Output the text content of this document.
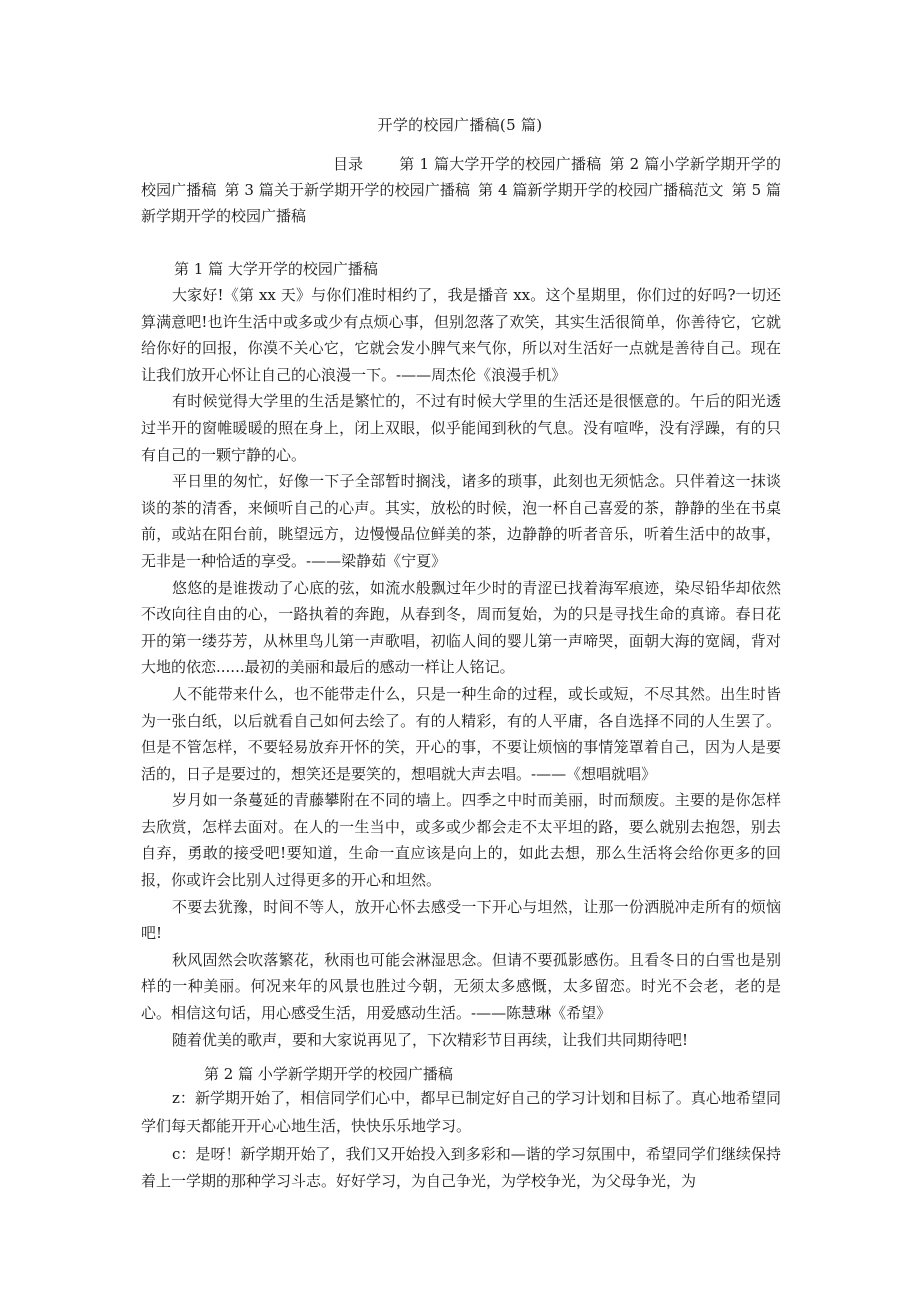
开学的校园广播稿(5 篇)
目录 第 1 篇大学开学的校园广播稿 第 2 篇小学新学期开学的校园广播稿 第 3 篇关于新学期开学的校园广播稿 第 4 篇新学期开学的校园广播稿范文 第 5 篇新学期开学的校园广播稿
第 1 篇 大学开学的校园广播稿

大家好!《第 xx 天》与你们准时相约了，我是播音 xx。这个星期里，你们过的好吗?一切还算满意吧!也许生活中或多或少有点烦心事，但别忽落了欢笑，其实生活很简单，你善待它，它就给你好的回报，你漠不关心它，它就会发小脾气来气你，所以对生活好一点就是善待自己。现在让我们放开心怀让自己的心浪漫一下。-——周杰伦《浪漫手机》

有时候觉得大学里的生活是繁忙的，不过有时候大学里的生活还是很惬意的。午后的阳光透过半开的窗帷暖暖的照在身上，闭上双眼，似乎能闻到秋的气息。没有喧哗，没有浮躁，有的只有自己的一颗宁静的心。

平日里的匆忙，好像一下子全部暂时搁浅，诸多的琐事，此刻也无须惦念。只伴着这一抹谈谈的茶的清香，来倾听自己的心声。其实，放松的时候，泡一杯自己喜爱的茶，静静的坐在书桌前，或站在阳台前，眺望远方，边慢慢品位鲜美的茶，边静静的听者音乐，听着生活中的故事，无非是一种恰适的享受。-——梁静茹《宁夏》

悠悠的是谁拨动了心底的弦，如流水般飘过年少时的青涩已找着海军痕迹，染尽铅华却依然不改向往自由的心，一路执着的奔跑，从春到冬，周而复始，为的只是寻找生命的真谛。春日花开的第一缕芬芳，从林里鸟儿第一声歌唱，初临人间的婴儿第一声啼哭，面朝大海的宽阔，背对大地的依恋......最初的美丽和最后的感动一样让人铭记。

人不能带来什么，也不能带走什么，只是一种生命的过程，或长或短，不尽其然。出生时皆为一张白纸，以后就看自己如何去绘了。有的人精彩，有的人平庸，各自选择不同的人生罢了。但是不管怎样，不要轻易放弃开怀的笑，开心的事，不要让烦恼的事情笼罩着自己，因为人是要活的，日子是要过的，想笑还是要笑的，想唱就大声去唱。-——《想唱就唱》

岁月如一条蔓延的青藤攀附在不同的墙上。四季之中时而美丽，时而颓废。主要的是你怎样去欣赏，怎样去面对。在人的一生当中，或多或少都会走不太平坦的路，要么就别去抱怨，别去自弃，勇敢的接受吧!要知道，生命一直应该是向上的，如此去想，那么生活将会给你更多的回报，你或许会比别人过得更多的开心和坦然。

不要去犹豫，时间不等人，放开心怀去感受一下开心与坦然，让那一份洒脱冲走所有的烦恼吧!

秋风固然会吹落繁花，秋雨也可能会淋湿思念。但请不要孤影感伤。且看冬日的白雪也是别样的一种美丽。何况来年的风景也胜过今朝，无须太多感慨，太多留恋。时光不会老，老的是心。相信这句话，用心感受生活，用爱感动生活。-——陈慧琳《希望》

随着优美的歌声，要和大家说再见了，下次精彩节目再续，让我们共同期待吧!

第 2 篇 小学新学期开学的校园广播稿

z：新学期开始了，相信同学们心中，都早已制定好自己的学习计划和目标了。真心地希望同学们每天都能开开心心地生活，快快乐乐地学习。

c：是呀！新学期开始了，我们又开始投入到多彩和—谐的学习氛围中，希望同学们继续保持着上一学期的那种学习斗志。好好学习，为自己争光，为学校争光，为父母争光，为
